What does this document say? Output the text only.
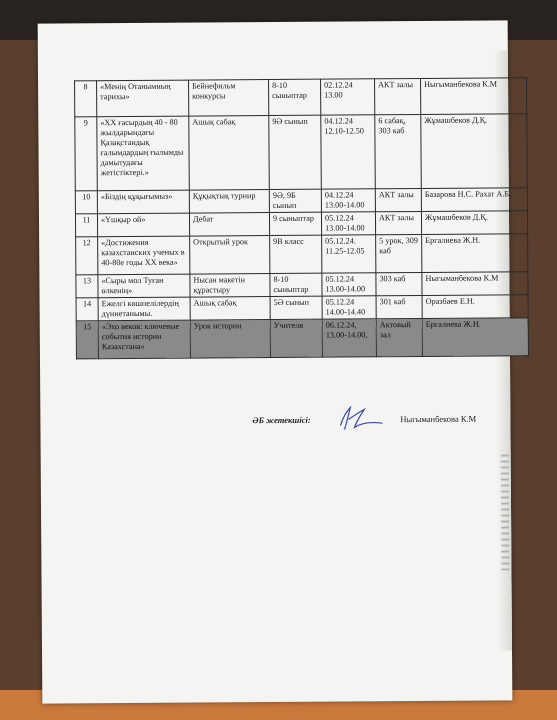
8	«Менің Отанымның тарихы»	Бейнефильм конкурсы	8-10 сыныптар	02.12.24 13.00	АКТ залы	Ныгыманбекова К.М
9	«XX ғасырдың 40 - 80 жылдарындағы Қазақстандық ғалымдардың ғылымды дамытудағы жетістіктері.»	Ашық сабақ	9Ә сынып	04.12.24 12.10-12.50	6 сабақ, 303 каб	Жұмашбеков Д.Қ.
10	«Біздің құқығымыз»	Құқықтық турнир	9Ә, 9Б сынып	04.12.24 13.00-14.00	АКТ залы	Базарова Н.С. Рахат А.Б.
11	«Үшқыр ой»	Дебат	9 сыныптар	05.12.24 13.00-14.00	АКТ залы	Жұмашбеков Д.Қ.
12	«Достижения казахстанских ученых в 40-80е годы XX века»	Открытый урок	9В класс	05.12.24. 11.25-12.05	5 урок, 309 каб	Ергалиева Ж.Н.
13	«Сыры мол Туған өлкенің»	Нысан макетін құрастыру	8-10 сыныптар	05.12.24 13.00-14.00	303 каб	Ныгыманбекова К.М
14	Ежелгі көшпелілердің дүниетанымы.	Ашық сабақ	5Ә сынып	05.12.24 14.00-14.40	301 каб	Оразбаев Е.Н.
15	«Эхо веков: ключевые события истории Казахстана»	Урок истории	Учителя	06.12.24, 13.00-14.00,	Актовый зал	Ергалиева Ж.Н.
ӘБ жетекшісі:	Ныгыманбекова К.М
